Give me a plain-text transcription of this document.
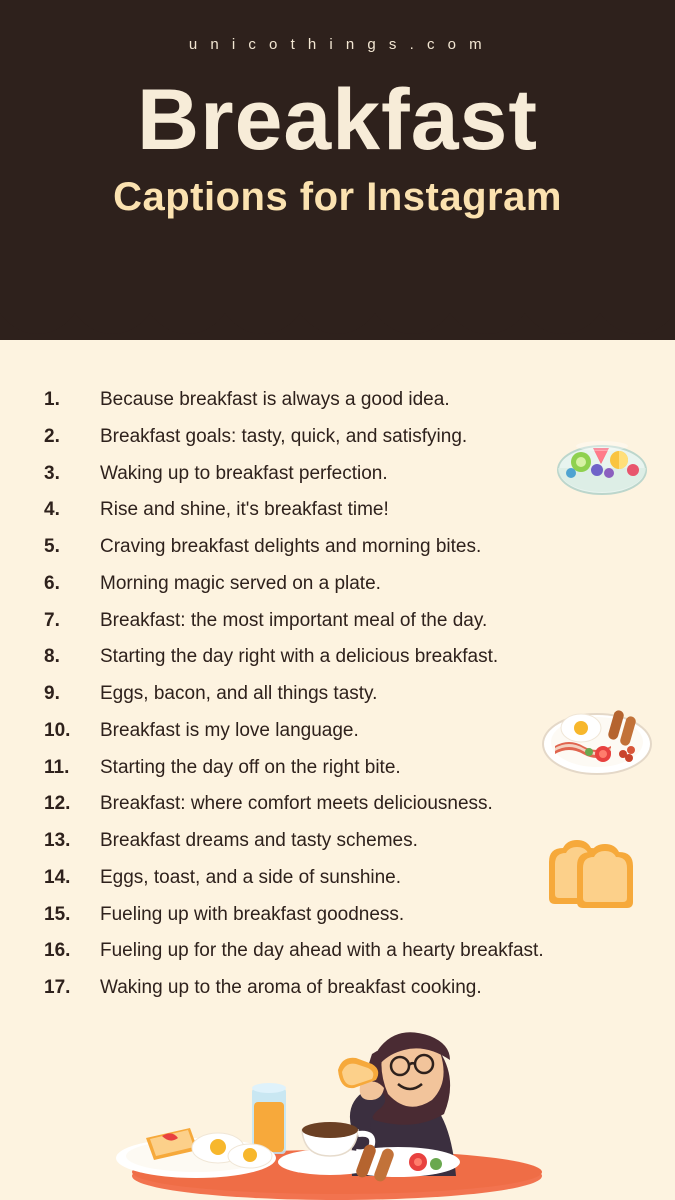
u n i c o t h i n g s . c o m

Breakfast
Captions for Instagram
1.	Because breakfast is always a good idea.
2.	Breakfast goals: tasty, quick, and satisfying.
3.	Waking up to breakfast perfection.
4.	Rise and shine, it's breakfast time!
5.	Craving breakfast delights and morning bites.
6.	Morning magic served on a plate.
7.	Breakfast: the most important meal of the day.
8.	Starting the day right with a delicious breakfast.
9.	Eggs, bacon, and all things tasty.
10.	Breakfast is my love language.
11.	Starting the day off on the right bite.
12.	Breakfast: where comfort meets deliciousness.
13.	Breakfast dreams and tasty schemes.
14.	Eggs, toast, and a side of sunshine.
15.	Fueling up with breakfast goodness.
16.	Fueling up for the day ahead with a hearty breakfast.
17.	Waking up to the aroma of breakfast cooking.
